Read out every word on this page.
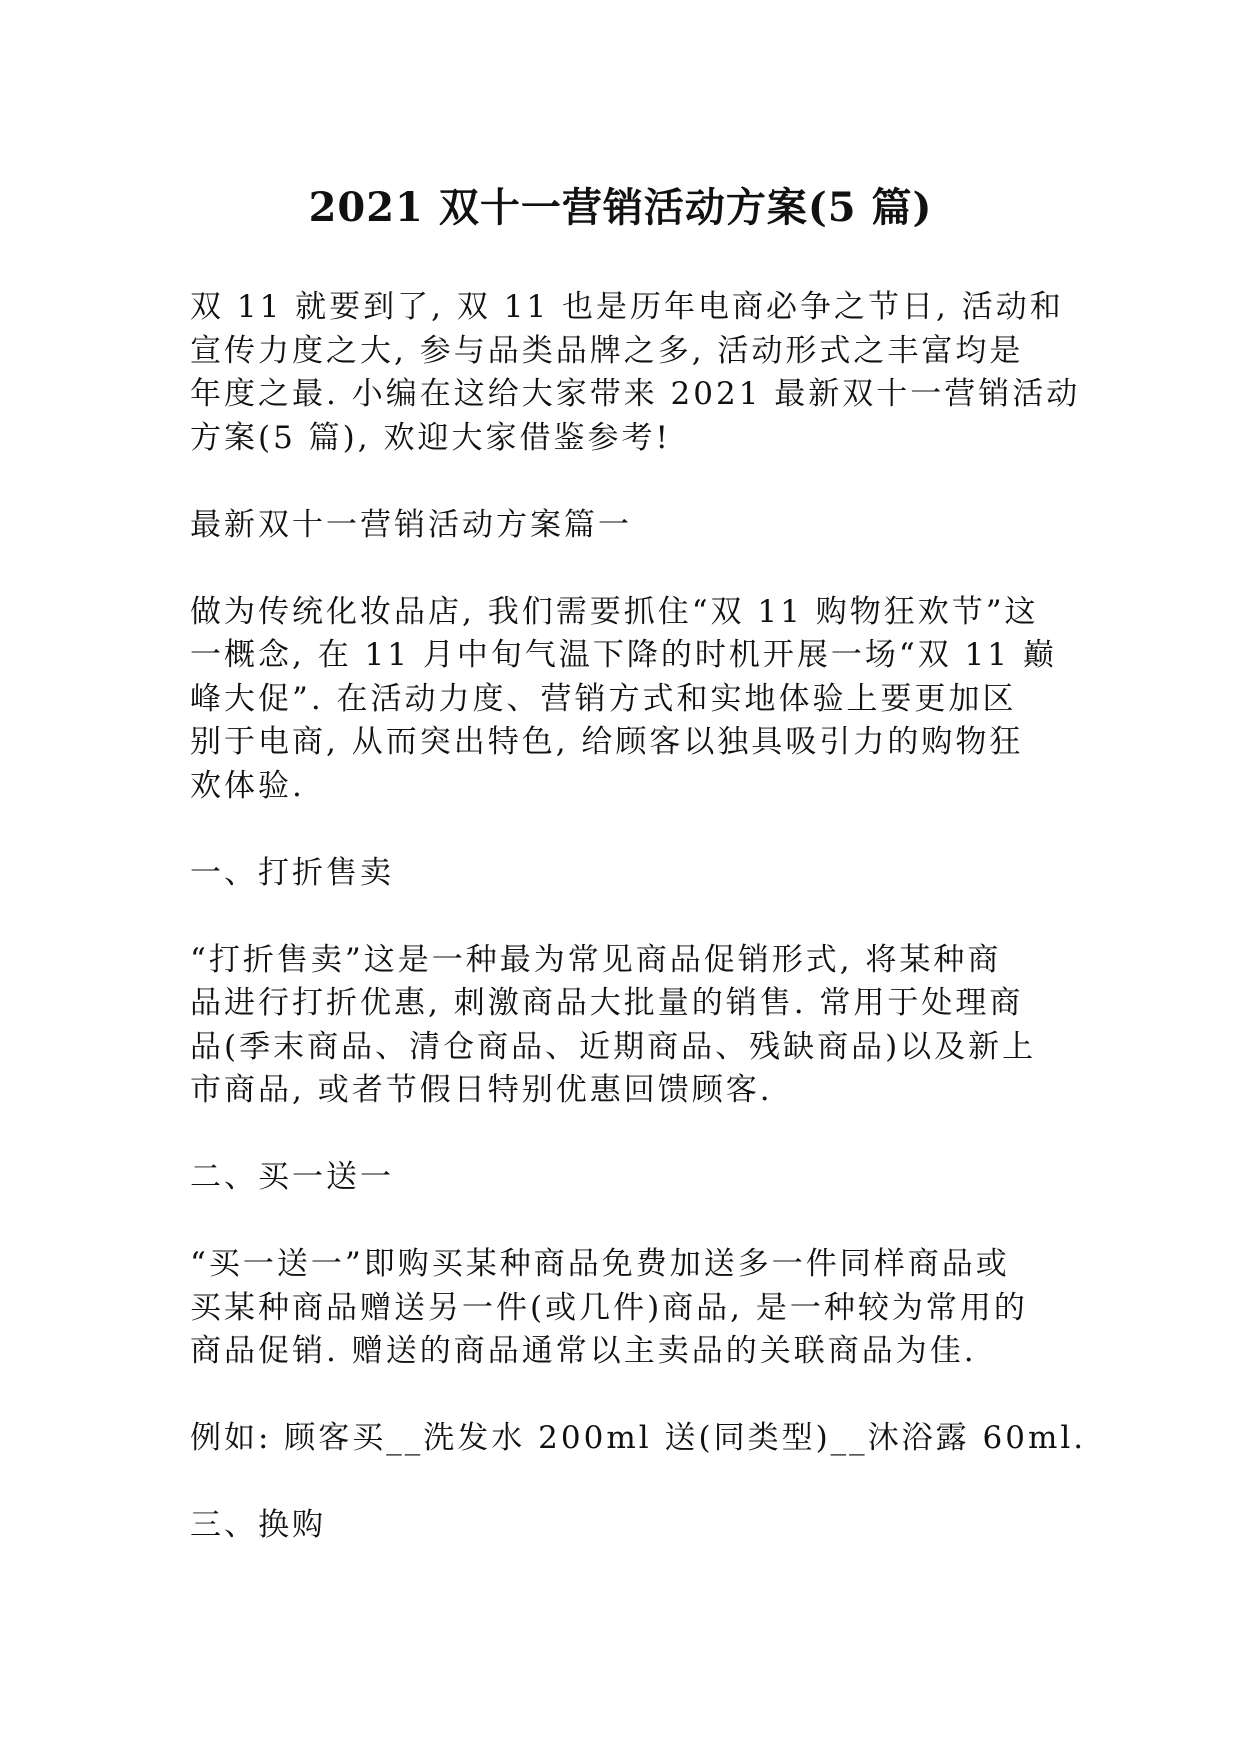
2021 双十一营销活动方案(5 篇)
双 11 就要到了, 双 11 也是历年电商必争之节日, 活动和
宣传力度之大, 参与品类品牌之多, 活动形式之丰富均是
年度之最. 小编在这给大家带来 2021 最新双十一营销活动
方案(5 篇), 欢迎大家借鉴参考!
最新双十一营销活动方案篇一
做为传统化妆品店, 我们需要抓住“双 11 购物狂欢节”这
一概念, 在 11 月中旬气温下降的时机开展一场“双 11 巅
峰大促”. 在活动力度、营销方式和实地体验上要更加区
别于电商, 从而突出特色, 给顾客以独具吸引力的购物狂
欢体验.
一、打折售卖
“打折售卖”这是一种最为常见商品促销形式, 将某种商
品进行打折优惠, 刺激商品大批量的销售. 常用于处理商
品(季末商品、清仓商品、近期商品、残缺商品)以及新上
市商品, 或者节假日特别优惠回馈顾客.
二、买一送一
“买一送一”即购买某种商品免费加送多一件同样商品或
买某种商品赠送另一件(或几件)商品, 是一种较为常用的
商品促销. 赠送的商品通常以主卖品的关联商品为佳.
例如: 顾客买__洗发水 200ml 送(同类型)__沐浴露 60ml.
三、换购
